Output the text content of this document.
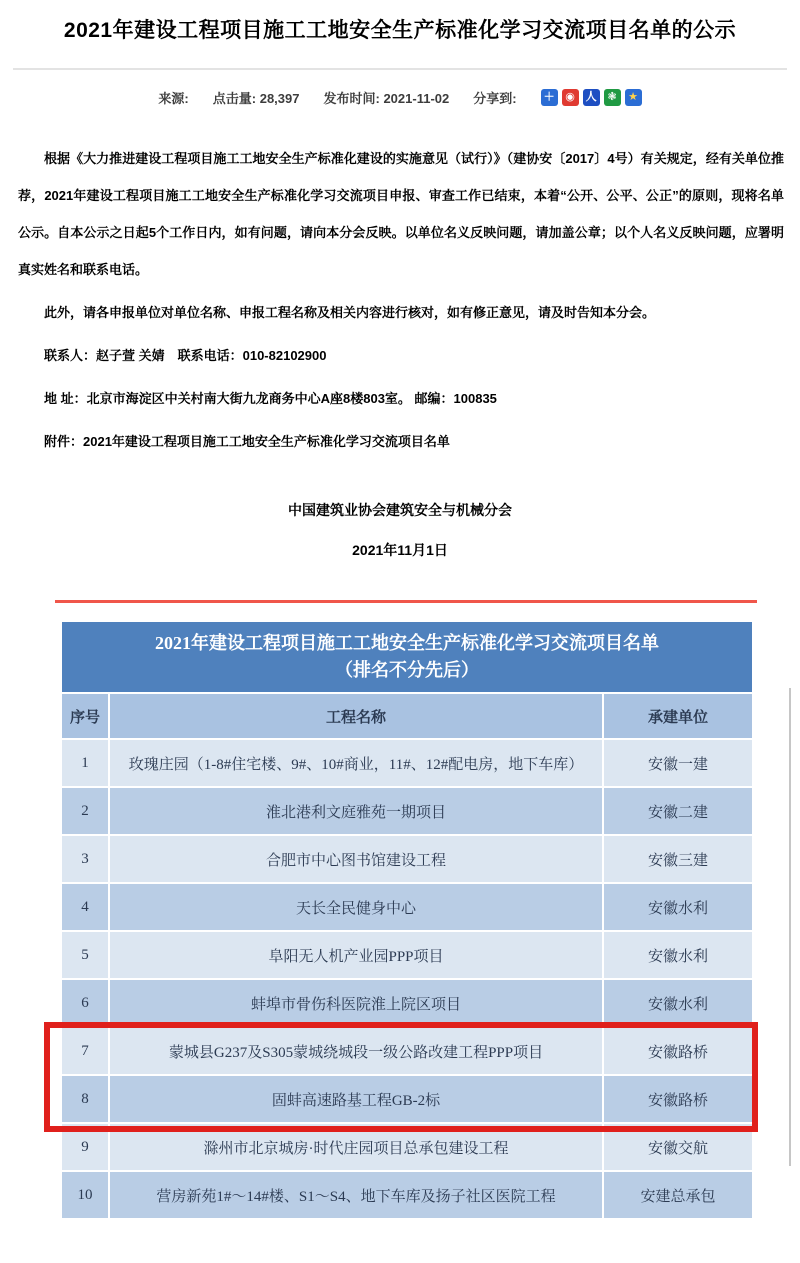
2021年建设工程项目施工工地安全生产标准化学习交流项目名单的公示
来源: 点击量: 28,397 发布时间: 2021-11-02 分享到: ＋ ◉ 人 ❃	★

根据《大力推进建设工程项目施工工地安全生产标准化建设的实施意见（试行）》（建协安〔2017〕4号）有关规定，经有关单位推荐，2021年建设工程项目施工工地安全生产标准化学习交流项目申报、审查工作已结束，本着“公开、公平、公正”的原则，现将名单公示。自本公示之日起5个工作日内，如有问题，请向本分会反映。以单位名义反映问题，请加盖公章；以个人名义反映问题，应署明真实姓名和联系电话。

此外，请各申报单位对单位名称、申报工程名称及相关内容进行核对，如有修正意见，请及时告知本分会。

联系人：赵子萱 关婧　联系电话：010-82102900

地 址：北京市海淀区中关村南大街九龙商务中心A座8楼803室。 邮编：100835

附件：2021年建设工程项目施工工地安全生产标准化学习交流项目名单

中国建筑业协会建筑安全与机械分会

2021年11月1日

2021年建设工程项目施工工地安全生产标准化学习交流项目名单
（排名不分先后）		
序号	工程名称	承建单位
1	玫瑰庄园（1-8#住宅楼、9#、10#商业，11#、12#配电房，地下车库）	安徽一建
2	淮北港利文庭雅苑一期项目	安徽二建
3	合肥市中心图书馆建设工程	安徽三建
4	天长全民健身中心	安徽水利
5	阜阳无人机产业园PPP项目	安徽水利
6	蚌埠市骨伤科医院淮上院区项目	安徽水利
7	蒙城县G237及S305蒙城绕城段一级公路改建工程PPP项目	安徽路桥
8	固蚌高速路基工程GB-2标	安徽路桥
9	滁州市北京城房·时代庄园项目总承包建设工程	安徽交航
10	营房新苑1#～14#楼、S1～S4、地下车库及扬子社区医院工程	安建总承包
